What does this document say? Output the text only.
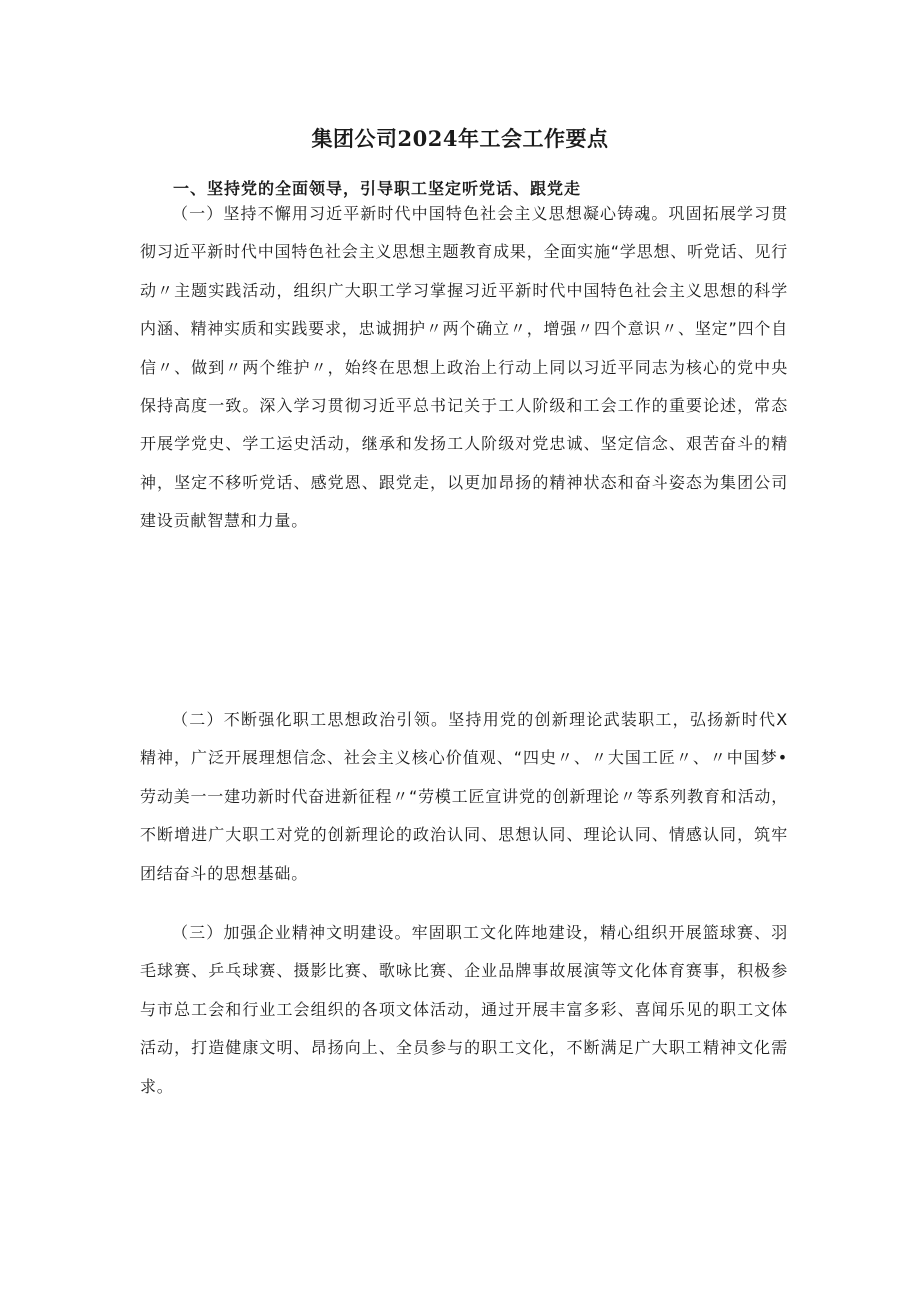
集团公司2024年工会工作要点
一、坚持党的全面领导，引导职工坚定听党话、跟党走

（一）坚持不懈用习近平新时代中国特色社会主义思想凝心铸魂。巩固拓展学习贯彻习近平新时代中国特色社会主义思想主题教育成果，全面实施“学思想、听党话、见行动〃主题实践活动，组织广大职工学习掌握习近平新时代中国特色社会主义思想的科学内涵、精神实质和实践要求，忠诚拥护〃两个确立〃，增强〃四个意识〃、坚定”四个自信〃、做到〃两个维护〃，始终在思想上政治上行动上同以习近平同志为核心的党中央保持高度一致。深入学习贯彻习近平总书记关于工人阶级和工会工作的重要论述，常态开展学党史、学工运史活动，继承和发扬工人阶级对党忠诚、坚定信念、艰苦奋斗的精神，坚定不移听党话、感党恩、跟党走，以更加昂扬的精神状态和奋斗姿态为集团公司建设贡献智慧和力量。

（二）不断强化职工思想政治引领。坚持用党的创新理论武装职工，弘扬新时代X精神，广泛开展理想信念、社会主义核心价值观、“四史〃、〃大国工匠〃、〃中国梦•劳动美一一建功新时代奋进新征程〃“劳模工匠宣讲党的创新理论〃等系列教育和活动，不断增进广大职工对党的创新理论的政治认同、思想认同、理论认同、情感认同，筑牢团结奋斗的思想基础。

（三）加强企业精神文明建设。牢固职工文化阵地建设，精心组织开展篮球赛、羽毛球赛、乒乓球赛、摄影比赛、歌咏比赛、企业品牌事故展演等文化体育赛事，积极参与市总工会和行业工会组织的各项文体活动，通过开展丰富多彩、喜闻乐见的职工文体活动，打造健康文明、昂扬向上、全员参与的职工文化，不断满足广大职工精神文化需求。
